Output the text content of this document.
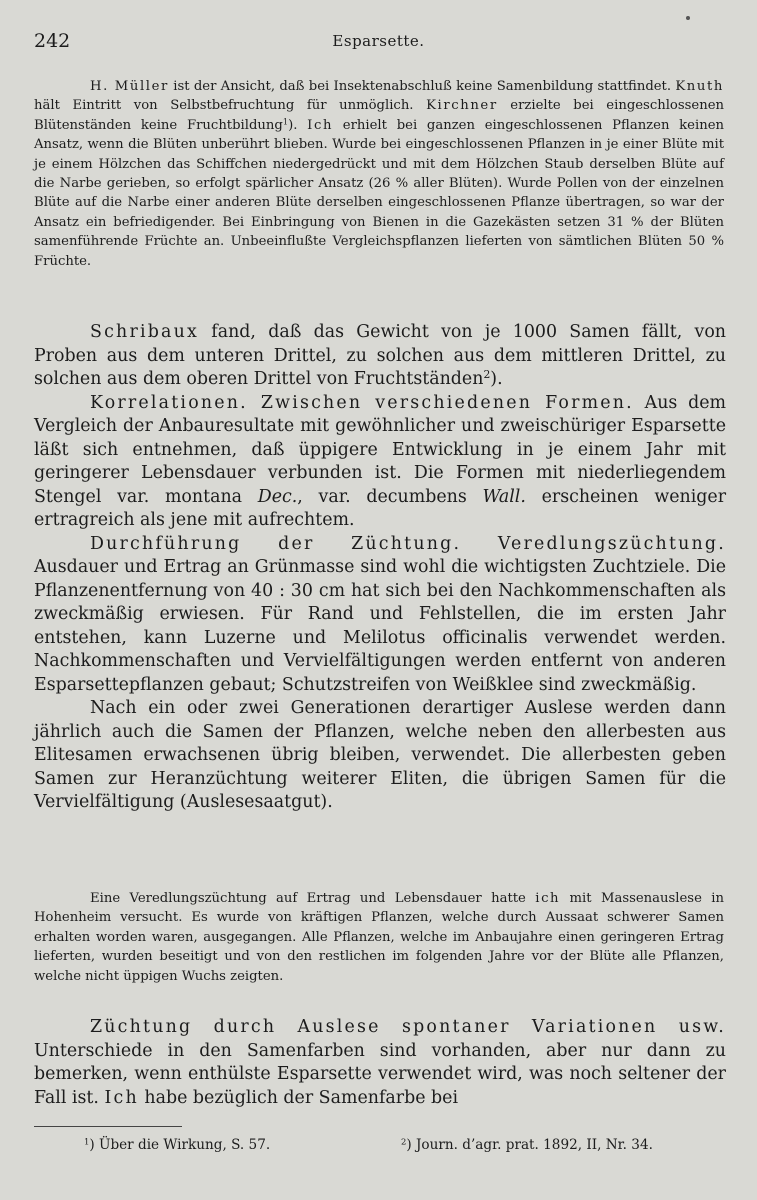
242	Esparsette.

H. Müller ist der Ansicht, daß bei Insektenabschluß keine Samenbildung stattfindet. Knuth hält Eintritt von Selbstbefruchtung für unmöglich. Kirchner erzielte bei eingeschlossenen Blütenständen keine Fruchtbildung$^1$). Ich erhielt bei ganzen eingeschlossenen Pflanzen keinen Ansatz, wenn die Blüten unberührt blieben. Wurde bei eingeschlossenen Pflanzen in je einer Blüte mit je einem Hölzchen das Schiffchen niedergedrückt und mit dem Hölzchen Staub derselben Blüte auf die Narbe gerieben, so erfolgt spärlicher Ansatz (26 % aller Blüten). Wurde Pollen von der einzelnen Blüte auf die Narbe einer anderen Blüte derselben eingeschlossenen Pflanze übertragen, so war der Ansatz ein befriedigender. Bei Einbringung von Bienen in die Gazekästen setzen 31 % der Blüten samenführende Früchte an. Unbeeinflußte Vergleichspflanzen lieferten von sämtlichen Blüten 50 % Früchte.

Schribaux fand, daß das Gewicht von je 1000 Samen fällt, von Proben aus dem unteren Drittel, zu solchen aus dem mittleren Drittel, zu solchen aus dem oberen Drittel von Fruchtständen$^2$).

Korrelationen. Zwischen verschiedenen Formen. Aus dem Vergleich der Anbauresultate mit gewöhnlicher und zweischüriger Esparsette läßt sich entnehmen, daß üppigere Entwicklung in je einem Jahr mit geringerer Lebensdauer verbunden ist. Die Formen mit niederliegendem Stengel var. montana Dec., var. decumbens Wall. erscheinen weniger ertragreich als jene mit aufrechtem.

Durchführung der Züchtung. Veredlungszüchtung. Ausdauer und Ertrag an Grünmasse sind wohl die wichtigsten Zuchtziele. Die Pflanzenentfernung von 40 : 30 cm hat sich bei den Nachkommenschaften als zweckmäßig erwiesen. Für Rand und Fehlstellen, die im ersten Jahr entstehen, kann Luzerne und Melilotus officinalis verwendet werden. Nachkommenschaften und Vervielfältigungen werden entfernt von anderen Esparsettepflanzen gebaut; Schutzstreifen von Weißklee sind zweckmäßig.

Nach ein oder zwei Generationen derartiger Auslese werden dann jährlich auch die Samen der Pflanzen, welche neben den allerbesten aus Elitesamen erwachsenen übrig bleiben, verwendet. Die allerbesten geben Samen zur Heranzüchtung weiterer Eliten, die übrigen Samen für die Vervielfältigung (Auslesesaatgut).

Eine Veredlungszüchtung auf Ertrag und Lebensdauer hatte ich mit Massenauslese in Hohenheim versucht. Es wurde von kräftigen Pflanzen, welche durch Aussaat schwerer Samen erhalten worden waren, ausgegangen. Alle Pflanzen, welche im Anbaujahre einen geringeren Ertrag lieferten, wurden beseitigt und von den restlichen im folgenden Jahre vor der Blüte alle Pflanzen, welche nicht üppigen Wuchs zeigten.

Züchtung durch Auslese spontaner Variationen usw. Unterschiede in den Samenfarben sind vorhanden, aber nur dann zu bemerken, wenn enthülste Esparsette verwendet wird, was noch seltener der Fall ist. Ich habe bezüglich der Samenfarbe bei

$^1$) Über die Wirkung, S. 57.	$^2$) Journ. d’agr. prat. 1892, II, Nr. 34.
